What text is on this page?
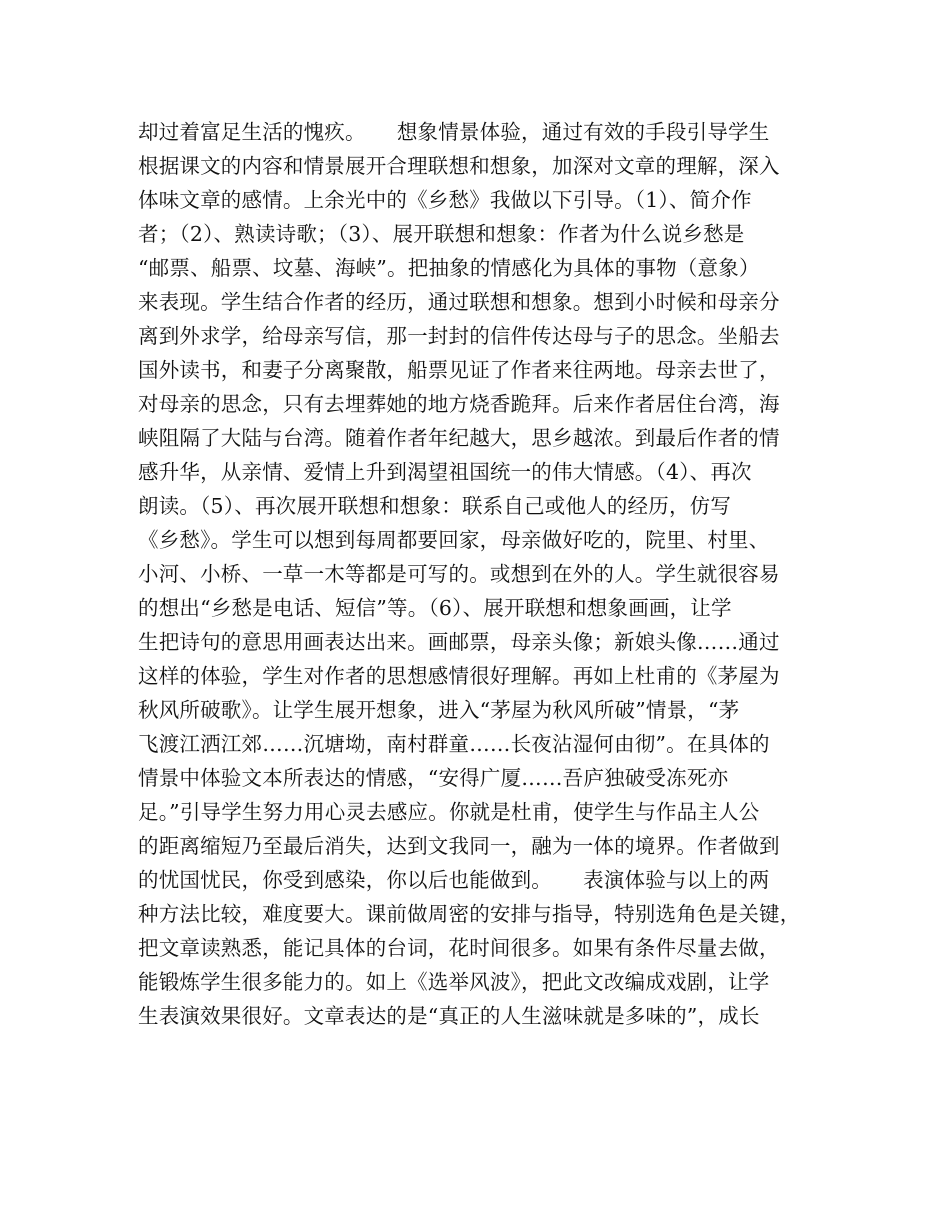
却过着富足生活的愧疚。　　想象情景体验，通过有效的手段引导学生
根据课文的内容和情景展开合理联想和想象，加深对文章的理解，深入
体味文章的感情。上余光中的《乡愁》我做以下引导。（1）、简介作
者；（2）、熟读诗歌；（3）、展开联想和想象：作者为什么说乡愁是
“邮票、船票、坟墓、海峡”。把抽象的情感化为具体的事物（意象）
来表现。学生结合作者的经历，通过联想和想象。想到小时候和母亲分
离到外求学，给母亲写信，那一封封的信件传达母与子的思念。坐船去
国外读书，和妻子分离聚散，船票见证了作者来往两地。母亲去世了，
对母亲的思念，只有去埋葬她的地方烧香跪拜。后来作者居住台湾，海
峡阻隔了大陆与台湾。随着作者年纪越大，思乡越浓。到最后作者的情
感升华，从亲情、爱情上升到渴望祖国统一的伟大情感。（4）、再次
朗读。（5）、再次展开联想和想象：联系自己或他人的经历，仿写
《乡愁》。学生可以想到每周都要回家，母亲做好吃的，院里、村里、
小河、小桥、一草一木等都是可写的。或想到在外的人。学生就很容易
的想出“乡愁是电话、短信”等。（6）、展开联想和想象画画，让学
生把诗句的意思用画表达出来。画邮票，母亲头像；新娘头像……通过
这样的体验，学生对作者的思想感情很好理解。再如上杜甫的《茅屋为
秋风所破歌》。让学生展开想象，进入“茅屋为秋风所破”情景，“茅
飞渡江洒江郊……沉塘坳，南村群童……长夜沾湿何由彻”。在具体的
情景中体验文本所表达的情感，“安得广厦……吾庐独破受冻死亦
足。”引导学生努力用心灵去感应。你就是杜甫，使学生与作品主人公
的距离缩短乃至最后消失，达到文我同一，融为一体的境界。作者做到
的忧国忧民，你受到感染，你以后也能做到。　　表演体验与以上的两
种方法比较，难度要大。课前做周密的安排与指导，特别选角色是关键，
把文章读熟悉，能记具体的台词，花时间很多。如果有条件尽量去做，
能锻炼学生很多能力的。如上《选举风波》，把此文改编成戏剧，让学
生表演效果很好。文章表达的是“真正的人生滋味就是多味的”，成长
